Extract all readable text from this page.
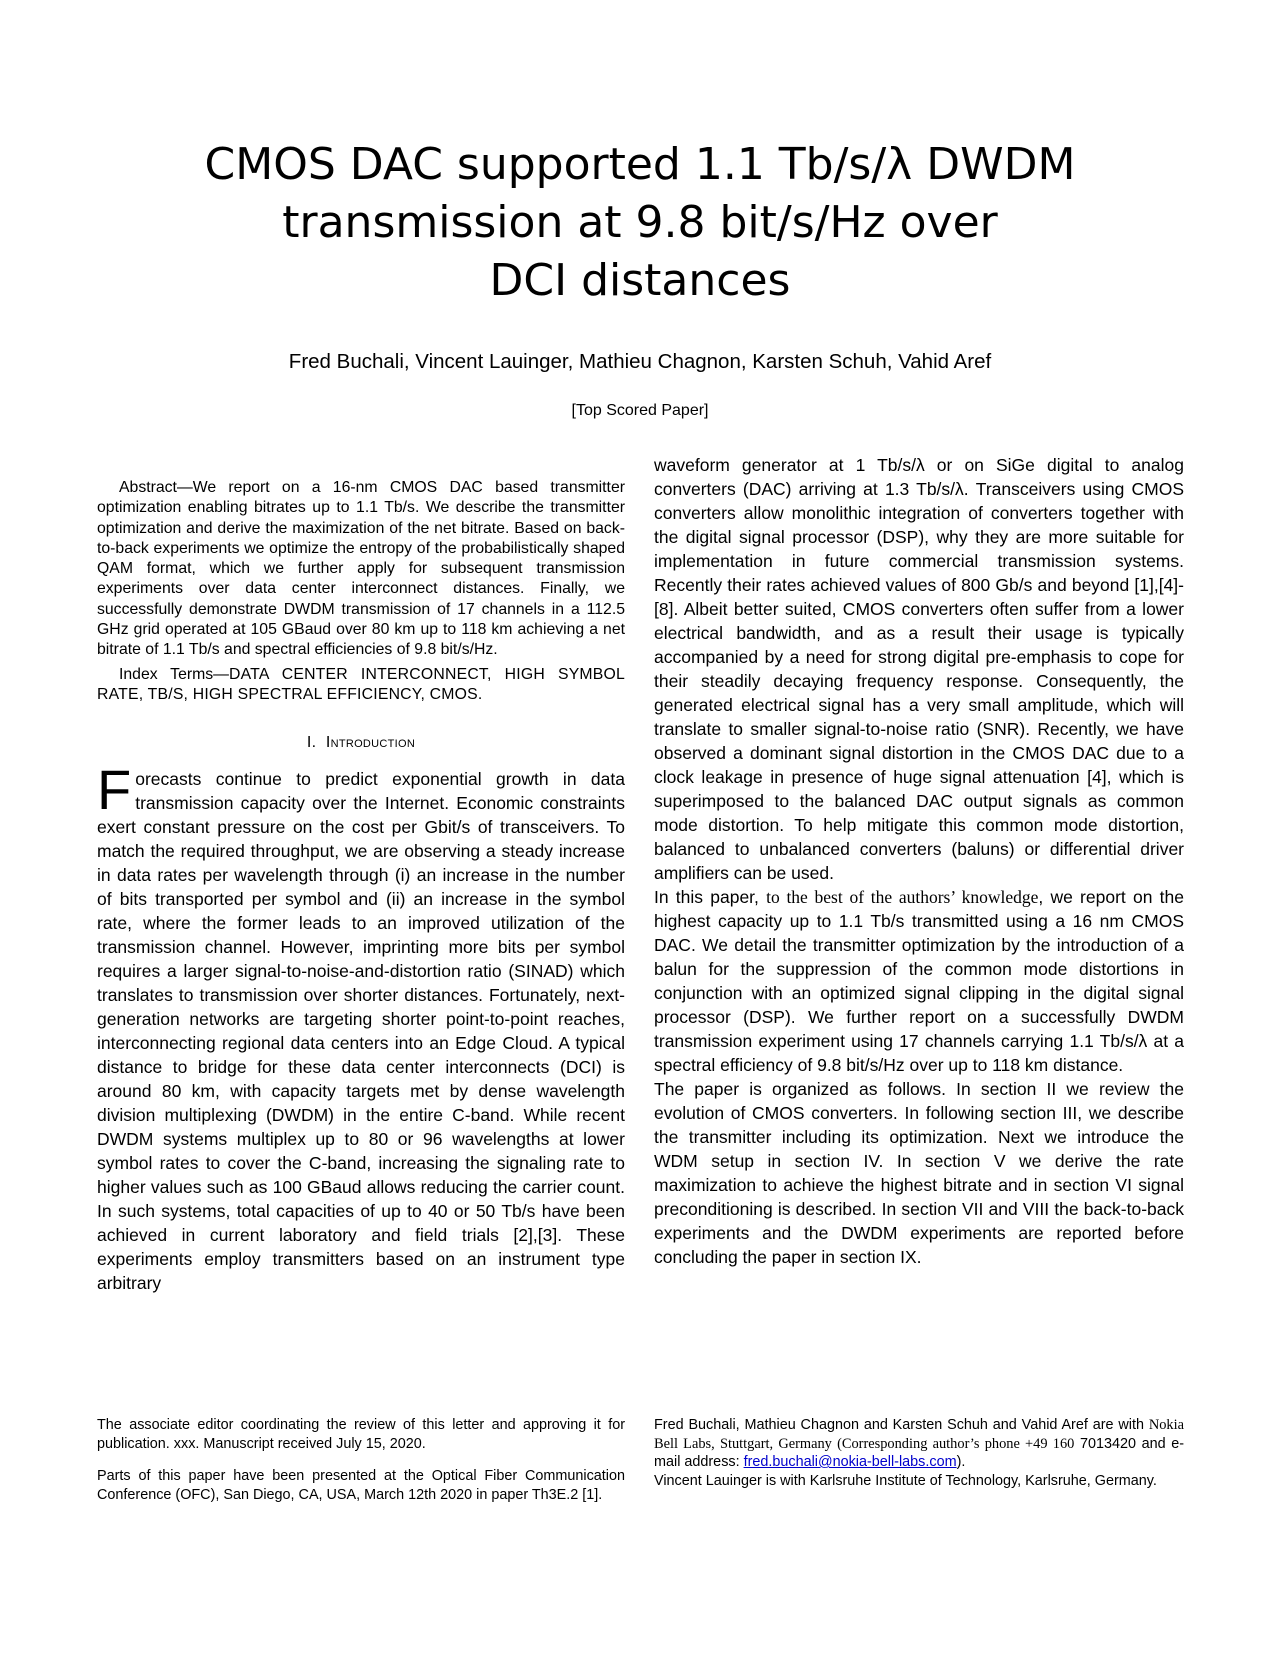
CMOS DAC supported 1.1 Tb/s/λ DWDM
transmission at 9.8 bit/s/Hz over
DCI distances

Fred Buchali, Vincent Lauinger, Mathieu Chagnon, Karsten Schuh, Vahid Aref

[Top Scored Paper]

Abstract—We report on a 16-nm CMOS DAC based transmitter optimization enabling bitrates up to 1.1 Tb/s. We describe the transmitter optimization and derive the maximization of the net bitrate. Based on back-to-back experiments we optimize the entropy of the probabilistically shaped QAM format, which we further apply for subsequent transmission experiments over data center interconnect distances. Finally, we successfully demonstrate DWDM transmission of 17 channels in a 112.5 GHz grid operated at 105 GBaud over 80 km up to 118 km achieving a net bitrate of 1.1 Tb/s and spectral efficiencies of 9.8 bit/s/Hz.

Index Terms—DATA CENTER INTERCONNECT, HIGH SYMBOL RATE, TB/S, HIGH SPECTRAL EFFICIENCY, CMOS.

I. Introduction

Forecasts continue to predict exponential growth in data transmission capacity over the Internet. Economic constraints exert constant pressure on the cost per Gbit/s of transceivers. To match the required throughput, we are observing a steady increase in data rates per wavelength through (i) an increase in the number of bits transported per symbol and (ii) an increase in the symbol rate, where the former leads to an improved utilization of the transmission channel. However, imprinting more bits per symbol requires a larger signal-to-noise-and-distortion ratio (SINAD) which translates to transmission over shorter distances. Fortunately, next-generation networks are targeting shorter point-to-point reaches, interconnecting regional data centers into an Edge Cloud. A typical distance to bridge for these data center interconnects (DCI) is around 80 km, with capacity targets met by dense wavelength division multiplexing (DWDM) in the entire C-band. While recent DWDM systems multiplex up to 80 or 96 wavelengths at lower symbol rates to cover the C-band, increasing the signaling rate to higher values such as 100 GBaud allows reducing the carrier count. In such systems, total capacities of up to 40 or 50 Tb/s have been achieved in current laboratory and field trials [2],[3]. These experiments employ transmitters based on an instrument type arbitrary

waveform generator at 1 Tb/s/λ or on SiGe digital to analog converters (DAC) arriving at 1.3 Tb/s/λ. Transceivers using CMOS converters allow monolithic integration of converters together with the digital signal processor (DSP), why they are more suitable for implementation in future commercial transmission systems. Recently their rates achieved values of 800 Gb/s and beyond [1],[4]-[8]. Albeit better suited, CMOS converters often suffer from a lower electrical bandwidth, and as a result their usage is typically accompanied by a need for strong digital pre-emphasis to cope for their steadily decaying frequency response. Consequently, the generated electrical signal has a very small amplitude, which will translate to smaller signal-to-noise ratio (SNR). Recently, we have observed a dominant signal distortion in the CMOS DAC due to a clock leakage in presence of huge signal attenuation [4], which is superimposed to the balanced DAC output signals as common mode distortion. To help mitigate this common mode distortion, balanced to unbalanced converters (baluns) or differential driver amplifiers can be used.

In this paper, to the best of the authors’ knowledge, we report on the highest capacity up to 1.1 Tb/s transmitted using a 16 nm CMOS DAC. We detail the transmitter optimization by the introduction of a balun for the suppression of the common mode distortions in conjunction with an optimized signal clipping in the digital signal processor (DSP). We further report on a successfully DWDM transmission experiment using 17 channels carrying 1.1 Tb/s/λ at a spectral efficiency of 9.8 bit/s/Hz over up to 118 km distance.

The paper is organized as follows. In section II we review the evolution of CMOS converters. In following section III, we describe the transmitter including its optimization. Next we introduce the WDM setup in section IV. In section V we derive the rate maximization to achieve the highest bitrate and in section VI signal preconditioning is described. In section VII and VIII the back-to-back experiments and the DWDM experiments are reported before concluding the paper in section IX.

The associate editor coordinating the review of this letter and approving it for publication. xxx. Manuscript received July 15, 2020.

Parts of this paper have been presented at the Optical Fiber Communication Conference (OFC), San Diego, CA, USA, March 12th 2020 in paper Th3E.2 [1].

Fred Buchali, Mathieu Chagnon and Karsten Schuh and Vahid Aref are with Nokia Bell Labs, Stuttgart, Germany (Corresponding author’s phone +49 160 7013420 and e-mail address: fred.buchali@nokia-bell-labs.com).

Vincent Lauinger is with Karlsruhe Institute of Technology, Karlsruhe, Germany.
